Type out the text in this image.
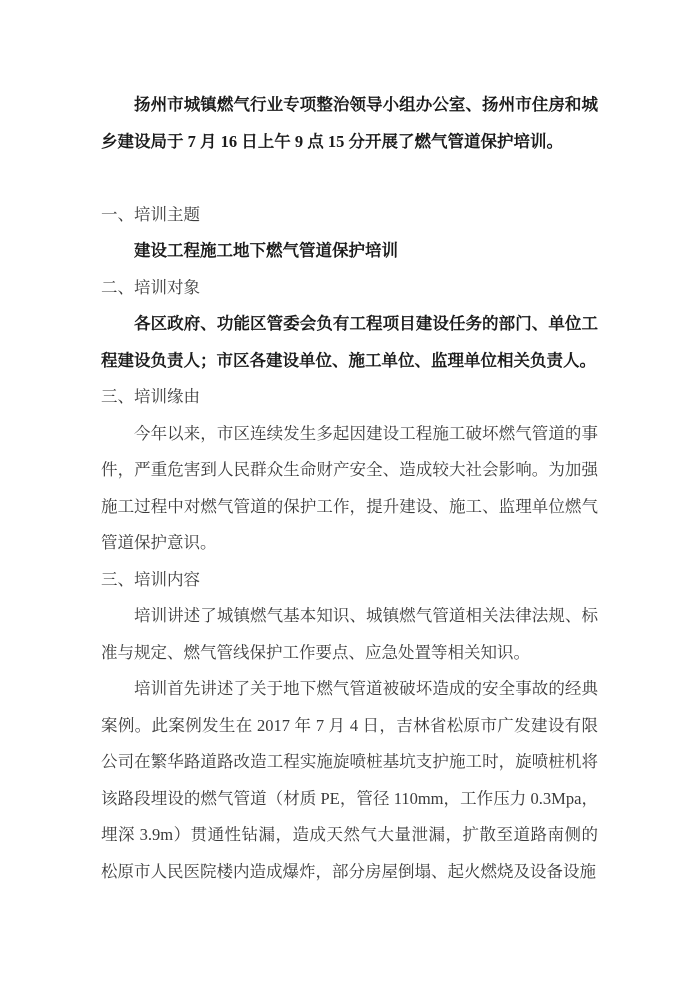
扬州市城镇燃气行业专项整治领导小组办公室、扬州市住房和城乡建设局于 7 月 16 日上午 9 点 15 分开展了燃气管道保护培训。

一、培训主题

建设工程施工地下燃气管道保护培训

二、培训对象

各区政府、功能区管委会负有工程项目建设任务的部门、单位工程建设负责人；市区各建设单位、施工单位、监理单位相关负责人。

三、培训缘由

今年以来，市区连续发生多起因建设工程施工破坏燃气管道的事件，严重危害到人民群众生命财产安全、造成较大社会影响。为加强施工过程中对燃气管道的保护工作，提升建设、施工、监理单位燃气管道保护意识。

三、培训内容

培训讲述了城镇燃气基本知识、城镇燃气管道相关法律法规、标准与规定、燃气管线保护工作要点、应急处置等相关知识。

培训首先讲述了关于地下燃气管道被破坏造成的安全事故的经典案例。此案例发生在 2017 年 7 月 4 日，吉林省松原市广发建设有限公司在繁华路道路改造工程实施旋喷桩基坑支护施工时，旋喷桩机将该路段埋设的燃气管道（材质 PE，管径 110mm，工作压力 0.3Mpa，埋深 3.9m）贯通性钻漏，造成天然气大量泄漏，扩散至道路南侧的松原市人民医院楼内造成爆炸，部分房屋倒塌、起火燃烧及设备设施
